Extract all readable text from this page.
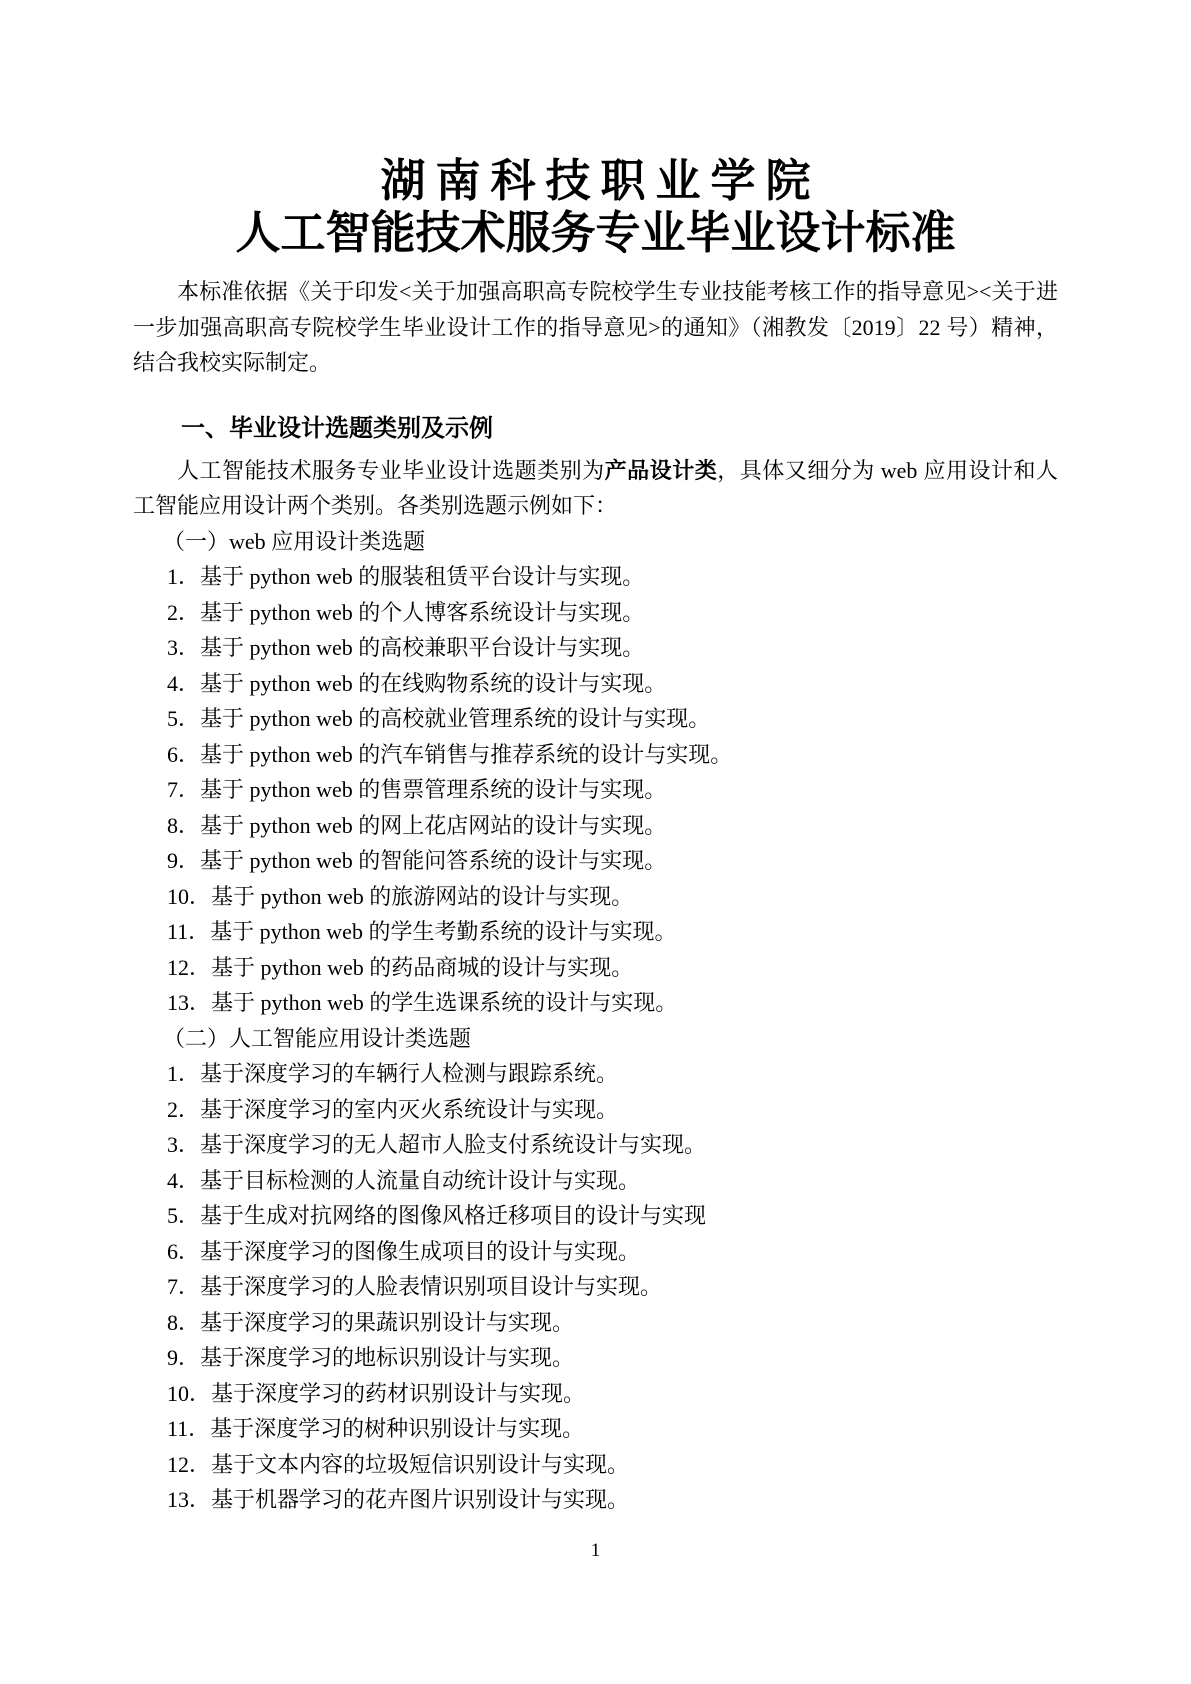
湖南科技职业学院
人工智能技术服务专业毕业设计标准

本标准依据《关于印发<关于加强高职高专院校学生专业技能考核工作的指导意见><关于进一步加强高职高专院校学生毕业设计工作的指导意见>的通知》（湘教发〔2019〕22 号）精神，结合我校实际制定。

一、毕业设计选题类别及示例

人工智能技术服务专业毕业设计选题类别为产品设计类，具体又细分为 web 应用设计和人工智能应用设计两个类别。各类别选题示例如下：

（一）web 应用设计类选题

1．基于 python web 的服装租赁平台设计与实现。

2．基于 python web 的个人博客系统设计与实现。

3．基于 python web 的高校兼职平台设计与实现。

4．基于 python web 的在线购物系统的设计与实现。

5．基于 python web 的高校就业管理系统的设计与实现。

6．基于 python web 的汽车销售与推荐系统的设计与实现。

7．基于 python web 的售票管理系统的设计与实现。

8．基于 python web 的网上花店网站的设计与实现。

9．基于 python web 的智能问答系统的设计与实现。

10．基于 python web 的旅游网站的设计与实现。

11．基于 python web 的学生考勤系统的设计与实现。

12．基于 python web 的药品商城的设计与实现。

13．基于 python web 的学生选课系统的设计与实现。

（二）人工智能应用设计类选题

1．基于深度学习的车辆行人检测与跟踪系统。

2．基于深度学习的室内灭火系统设计与实现。

3．基于深度学习的无人超市人脸支付系统设计与实现。

4．基于目标检测的人流量自动统计设计与实现。

5．基于生成对抗网络的图像风格迁移项目的设计与实现

6．基于深度学习的图像生成项目的设计与实现。

7．基于深度学习的人脸表情识别项目设计与实现。

8．基于深度学习的果蔬识别设计与实现。

9．基于深度学习的地标识别设计与实现。

10．基于深度学习的药材识别设计与实现。

11．基于深度学习的树种识别设计与实现。

12．基于文本内容的垃圾短信识别设计与实现。

13．基于机器学习的花卉图片识别设计与实现。

1
